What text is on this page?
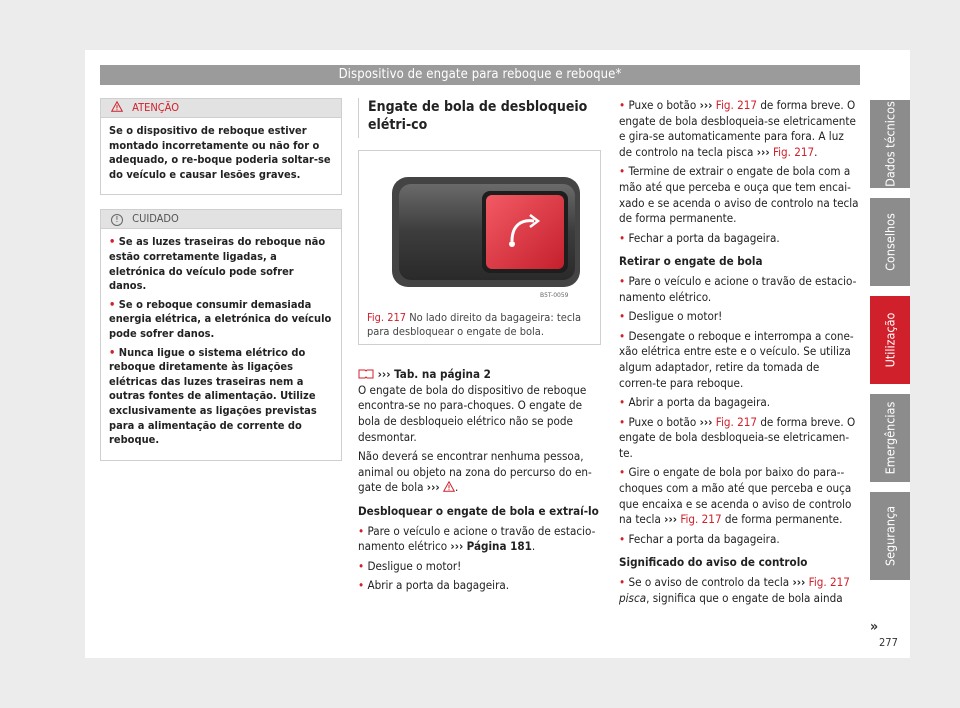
Dispositivo de engate para reboque e reboque*
ATENÇÃO

Se o dispositivo de reboque estiver montado incorretamente ou não for o adequado, o re-boque poderia soltar-se do veículo e causar lesões graves.

! CUIDADO

• Se as luzes traseiras do reboque não estão corretamente ligadas, a eletrónica do veículo pode sofrer danos.

• Se o reboque consumir demasiada energia elétrica, a eletrónica do veículo pode sofrer danos.

• Nunca ligue o sistema elétrico do reboque diretamente às ligações elétricas das luzes traseiras nem a outras fontes de alimentação. Utilize exclusivamente as ligações previstas para a alimentação de corrente do reboque.

Engate de bola de desbloqueio elétri-co
B5T-0059
Fig. 217 No lado direito da bagageira: tecla para desbloquear o engate de bola.
››› Tab. na página 2

O engate de bola do dispositivo de reboque encontra-se no para-choques. O engate de bola de desbloqueio elétrico não se pode desmontar.

Não deverá se encontrar nenhuma pessoa, animal ou objeto na zona do percurso do en-gate de bola ››› .

Desbloquear o engate de bola e extraí-lo

• Pare o veículo e acione o travão de estacio-namento elétrico ››› Página 181.

• Desligue o motor!

• Abrir a porta da bagageira.

• Puxe o botão ››› Fig. 217 de forma breve. O engate de bola desbloqueia-se eletricamente e gira-se automaticamente para fora. A luz de controlo na tecla pisca ››› Fig. 217.

• Termine de extrair o engate de bola com a mão até que perceba e ouça que tem encai-xado e se acenda o aviso de controlo na tecla de forma permanente.

• Fechar a porta da bagageira.

Retirar o engate de bola

• Pare o veículo e acione o travão de estacio-namento elétrico.

• Desligue o motor!

• Desengate o reboque e interrompa a cone-xão elétrica entre este e o veículo. Se utiliza algum adaptador, retire da tomada de corren-te para reboque.

• Abrir a porta da bagageira.

• Puxe o botão ››› Fig. 217 de forma breve. O engate de bola desbloqueia-se eletricamen-te.

• Gire o engate de bola por baixo do para--choques com a mão até que perceba e ouça que encaixa e se acenda o aviso de controlo na tecla ››› Fig. 217 de forma permanente.

• Fechar a porta da bagageira.

Significado do aviso de controlo

• Se o aviso de controlo da tecla ››› Fig. 217 pisca, significa que o engate de bola ainda

»
277
Dados técnicos
Conselhos
Utilização
Emergências
Segurança
